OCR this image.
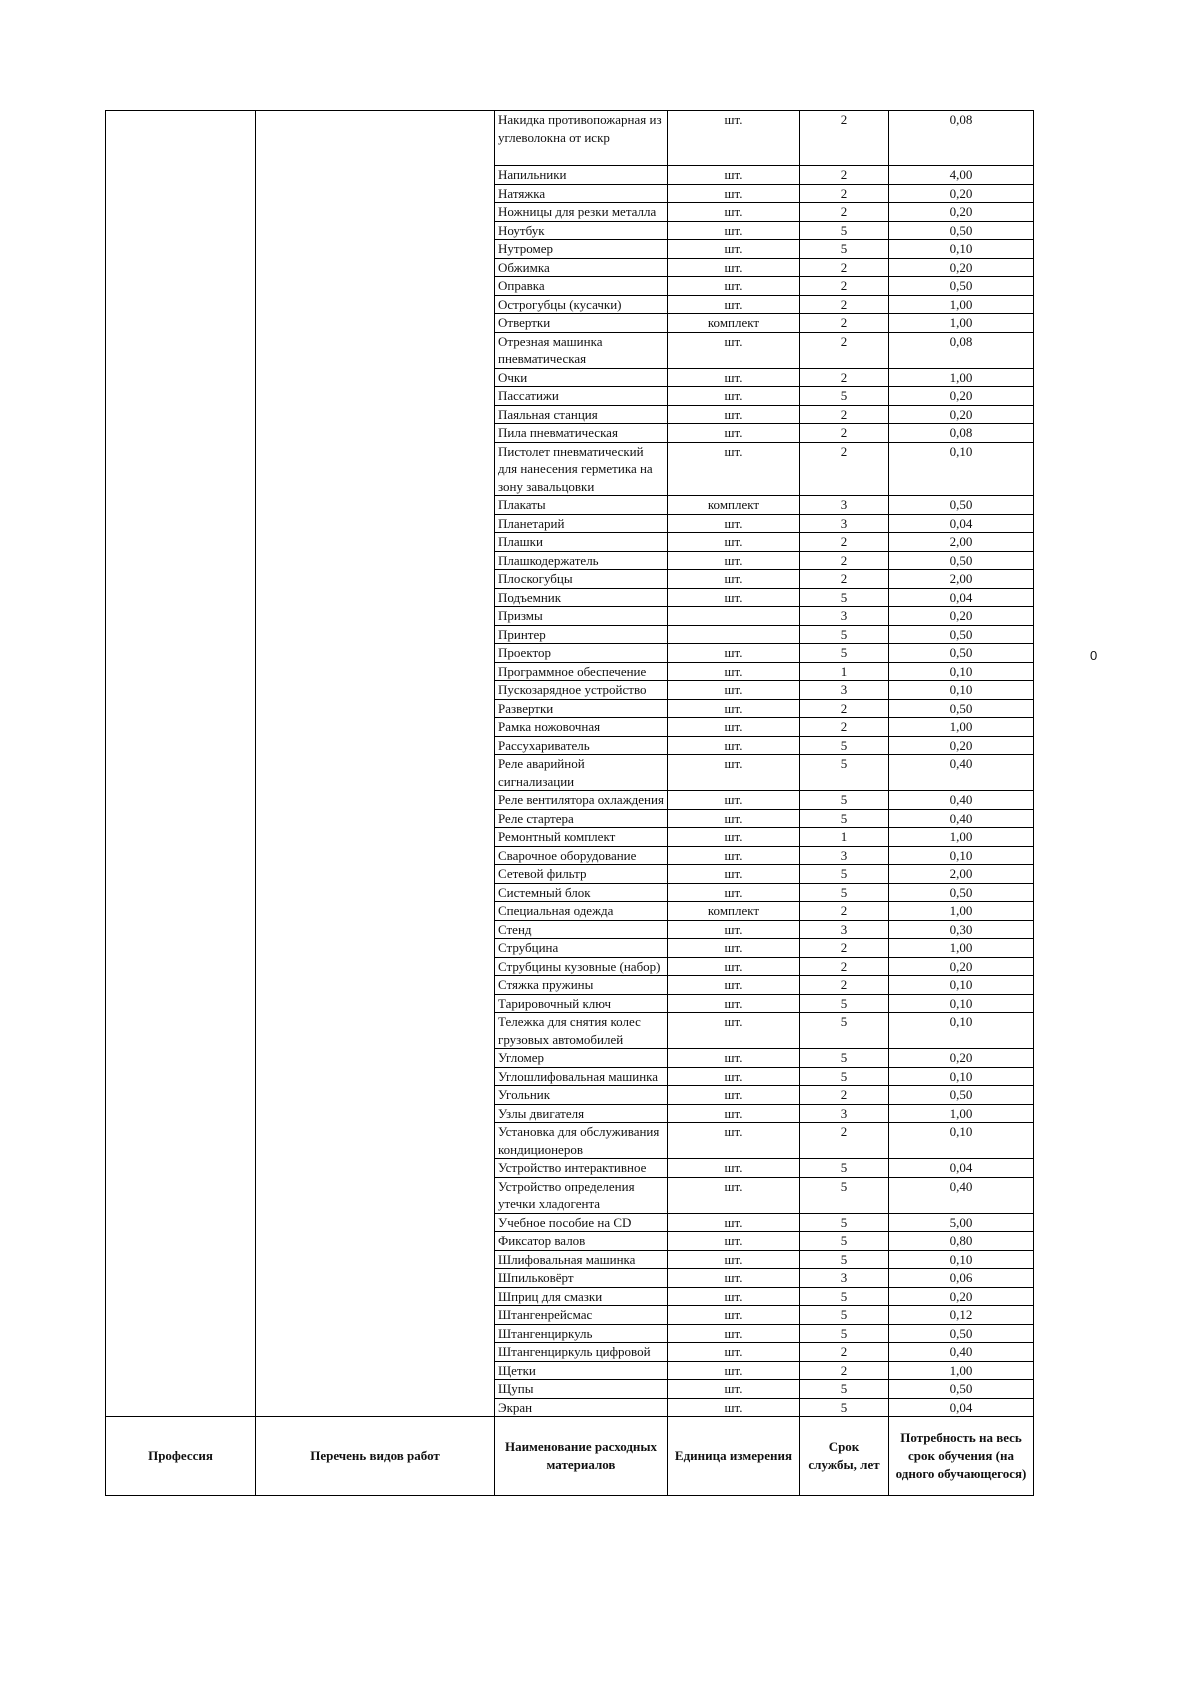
		Накидка противопожарная из углеволокна от искр	шт.	2	0,08
		Напильники	шт.	2	4,00
		Натяжка	шт.	2	0,20
		Ножницы для резки металла	шт.	2	0,20
		Ноутбук	шт.	5	0,50
		Нутромер	шт.	5	0,10
		Обжимка	шт.	2	0,20
		Оправка	шт.	2	0,50
		Острогубцы (кусачки)	шт.	2	1,00
		Отвертки	комплект	2	1,00
		Отрезная машинка пневматическая	шт.	2	0,08
		Очки	шт.	2	1,00
		Пассатижи	шт.	5	0,20
		Паяльная станция	шт.	2	0,20
		Пила пневматическая	шт.	2	0,08
		Пистолет пневматический для нанесения герметика на зону завальцовки	шт.	2	0,10
		Плакаты	комплект	3	0,50
		Планетарий	шт.	3	0,04
		Плашки	шт.	2	2,00
		Плашкодержатель	шт.	2	0,50
		Плоскогубцы	шт.	2	2,00
		Подъемник	шт.	5	0,04
		Призмы		3	0,20
		Принтер		5	0,50
		Проектор	шт.	5	0,50
		Программное обеспечение	шт.	1	0,10
		Пускозарядное устройство	шт.	3	0,10
		Развертки	шт.	2	0,50
		Рамка ножовочная	шт.	2	1,00
		Рассухариватель	шт.	5	0,20
		Реле аварийной сигнализации	шт.	5	0,40
		Реле вентилятора охлаждения	шт.	5	0,40
		Реле стартера	шт.	5	0,40
		Ремонтный комплект	шт.	1	1,00
		Сварочное оборудование	шт.	3	0,10
		Сетевой фильтр	шт.	5	2,00
		Системный блок	шт.	5	0,50
		Специальная одежда	комплект	2	1,00
		Стенд	шт.	3	0,30
		Струбцина	шт.	2	1,00
		Струбцины кузовные (набор)	шт.	2	0,20
		Стяжка пружины	шт.	2	0,10
		Тарировочный ключ	шт.	5	0,10
		Тележка для снятия колес грузовых автомобилей	шт.	5	0,10
		Угломер	шт.	5	0,20
		Углошлифовальная машинка	шт.	5	0,10
		Угольник	шт.	2	0,50
		Узлы двигателя	шт.	3	1,00
		Установка для обслуживания кондиционеров	шт.	2	0,10
		Устройство интерактивное	шт.	5	0,04
		Устройство определения утечки хладогента	шт.	5	0,40
		Учебное пособие на CD	шт.	5	5,00
		Фиксатор валов	шт.	5	0,80
		Шлифовальная машинка	шт.	5	0,10
		Шпильковёрт	шт.	3	0,06
		Шприц для смазки	шт.	5	0,20
		Штангенрейсмас	шт.	5	0,12
		Штангенциркуль	шт.	5	0,50
		Штангенциркуль цифровой	шт.	2	0,40
		Щетки	шт.	2	1,00
		Щупы	шт.	5	0,50
		Экран	шт.	5	0,04
Профессия	Перечень видов работ	Наименование расходных материалов	Единица измерения	Срок службы, лет	Потребность на весь срок обучения (на одного обучающегося)
0
